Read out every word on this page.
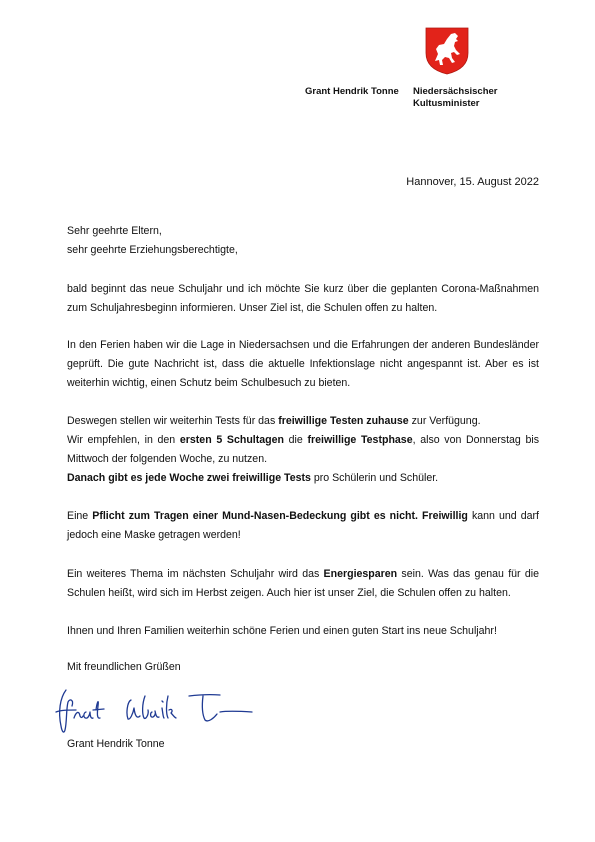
Grant Hendrik Tonne Niedersächsischer
Kultusminister
Hannover, 15. August 2022

Sehr geehrte Eltern,

sehr geehrte Erziehungsberechtigte,

bald beginnt das neue Schuljahr und ich möchte Sie kurz über die geplanten Corona-Maßnahmen zum Schuljahresbeginn informieren. Unser Ziel ist, die Schulen offen zu halten.

In den Ferien haben wir die Lage in Niedersachsen und die Erfahrungen der anderen Bundesländer geprüft. Die gute Nachricht ist, dass die aktuelle Infektionslage nicht angespannt ist. Aber es ist weiterhin wichtig, einen Schutz beim Schulbesuch zu bieten.

Deswegen stellen wir weiterhin Tests für das freiwillige Testen zuhause zur Verfügung.

Wir empfehlen, in den ersten 5 Schultagen die freiwillige Testphase, also von Donnerstag bis Mittwoch der folgenden Woche, zu nutzen.

Danach gibt es jede Woche zwei freiwillige Tests pro Schülerin und Schüler.

Eine Pflicht zum Tragen einer Mund-Nasen-Bedeckung gibt es nicht. Freiwillig kann und darf jedoch eine Maske getragen werden!

Ein weiteres Thema im nächsten Schuljahr wird das Energiesparen sein. Was das genau für die Schulen heißt, wird sich im Herbst zeigen. Auch hier ist unser Ziel, die Schulen offen zu halten.

Ihnen und Ihren Familien weiterhin schöne Ferien und einen guten Start ins neue Schuljahr!

Mit freundlichen Grüßen

Grant Hendrik Tonne
